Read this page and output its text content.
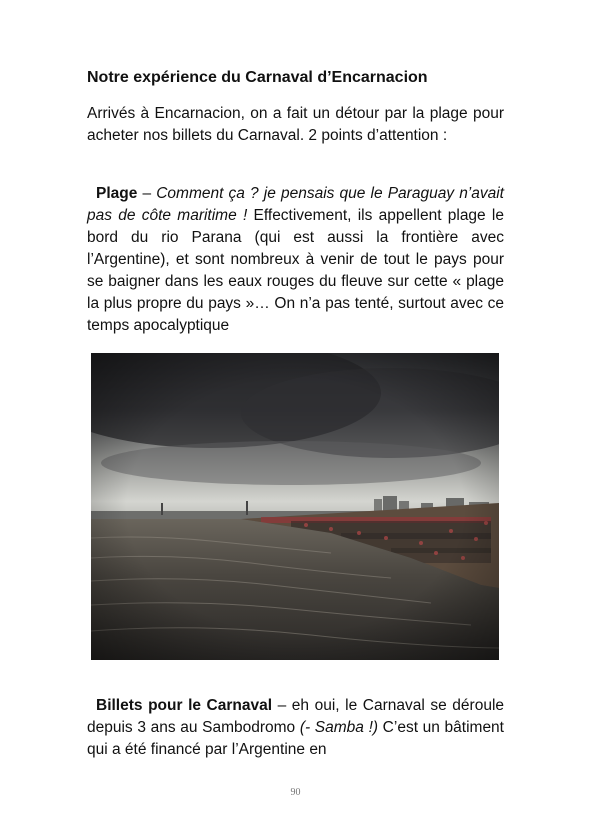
Notre expérience du Carnaval d’Encarnacion
Arrivés à Encarnacion, on a fait un détour par la plage pour acheter nos billets du Carnaval. 2 points d’attention :
Plage – Comment ça ? je pensais que le Paraguay n’avait pas de côte maritime ! Effectivement, ils appellent plage le bord du rio Parana (qui est aussi la frontière avec l’Argentine), et sont nombreux à venir de tout le pays pour se baigner dans les eaux rouges du fleuve sur cette « plage la plus propre du pays »… On n’a pas tenté, surtout avec ce temps apocalyptique
Billets pour le Carnaval – eh oui, le Carnaval se déroule depuis 3 ans au Sambodromo (- Samba !) C’est un bâtiment qui a été financé par l’Argentine en
90
